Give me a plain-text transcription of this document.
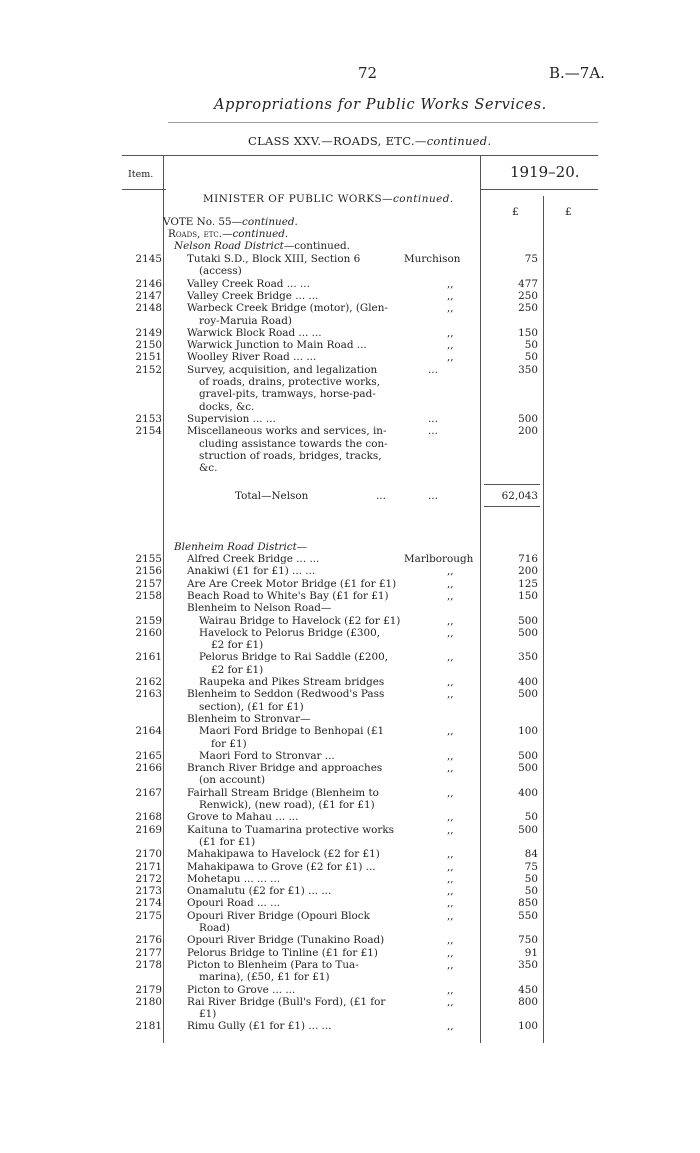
72	B.—7A.
Appropriations for Public Works Services.
CLASS XXV.—ROADS, ETC.—continued.
Item.	1919–20.
£	£
MINISTER OF PUBLIC WORKS—continued.
VOTE No. 55—continued.
Roads, etc.—continued.
Nelson Road District—continued.
2145 Tutaki S.D., Block XIII, Section 6
(access)
Murchison	75
2146 Valley Creek Road ... ...	,,	477
2147 Valley Creek Bridge ... ...	,,	250
2148 Warbeck Creek Bridge (motor), (Glen-
roy-Maruia Road)
,,	250
2149 Warwick Block Road ... ...	,,	150
2150 Warwick Junction to Main Road ...	,,	50
2151 Woolley River Road ... ...	,,	50
2152 Survey, acquisition, and legalization
of roads, drains, protective works,
gravel-pits, tramways, horse-pad-
docks, &c.
...	350
2153 Supervision ... ...	...	500
2154 Miscellaneous works and services, in-
cluding assistance towards the con-
struction of roads, bridges, tracks,
&c.
...	200
Total—Nelson	...	...	62,043
Blenheim Road District—
2155 Alfred Creek Bridge ... ...	Marlborough	716
2156 Anakiwi (£1 for £1) ... ...	,,	200
2157 Are Are Creek Motor Bridge (£1 for £1)	,,	125
2158 Beach Road to White's Bay (£1 for £1)	,,	150
Blenheim to Nelson Road—
2159	Wairau Bridge to Havelock (£2 for £1)	,,	500
2160	Havelock to Pelorus Bridge (£300,
£2 for £1)
,,	500
2161	Pelorus Bridge to Rai Saddle (£200,
£2 for £1)
,,	350
2162	Raupeka and Pikes Stream bridges	,,	400
2163 Blenheim to Seddon (Redwood's Pass
section), (£1 for £1)
,,	500
Blenheim to Stronvar—
2164	Maori Ford Bridge to Benhopai (£1
for £1)
,,	100
2165	Maori Ford to Stronvar ...	,,	500
2166 Branch River Bridge and approaches
(on account)
,,	500
2167 Fairhall Stream Bridge (Blenheim to
Renwick), (new road), (£1 for £1)
,,	400
2168 Grove to Mahau ... ...	,,	50
2169 Kaituna to Tuamarina protective works
(£1 for £1)
,,	500
2170 Mahakipawa to Havelock (£2 for £1)	,,	84
2171 Mahakipawa to Grove (£2 for £1) ...	,,	75
2172 Mohetapu ... ... ...	,,	50
2173 Onamalutu (£2 for £1) ... ...	,,	50
2174 Opouri Road ... ...	,,	850
2175 Opouri River Bridge (Opouri Block
Road)
,,	550
2176 Opouri River Bridge (Tunakino Road)	,,	750
2177 Pelorus Bridge to Tinline (£1 for £1)	,,	91
2178 Picton to Blenheim (Para to Tua-
marina), (£50, £1 for £1)
,,	350
2179 Picton to Grove ... ...	,,	450
2180 Rai River Bridge (Bull's Ford), (£1 for
£1)
,,	800
2181 Rimu Gully (£1 for £1) ... ...	,,	100
